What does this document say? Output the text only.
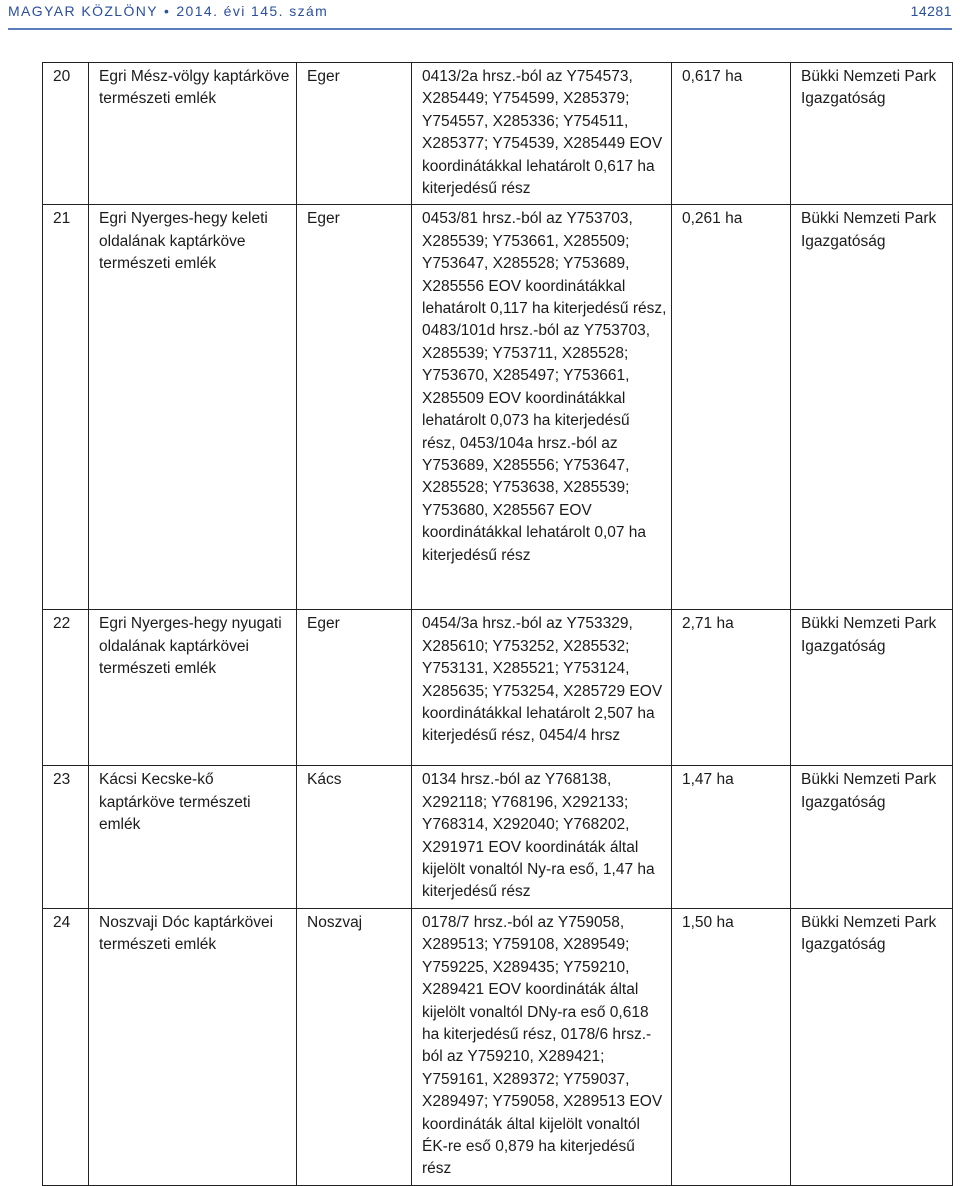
MAGYAR KÖZLÖNY • 2014. évi 145. szám	14281
20	Egri Mész-völgy kaptárköve természeti emlék	Eger	0413/2a hrsz.-ból az Y754573, X285449; Y754599, X285379; Y754557, X285336; Y754511, X285377; Y754539, X285449 EOV koordinátákkal lehatárolt 0,617 ha kiterjedésű rész	0,617 ha	Bükki Nemzeti Park Igazgatóság
21	Egri Nyerges-hegy keleti oldalának kaptárköve természeti emlék	Eger	0453/81 hrsz.-ból az Y753703, X285539; Y753661, X285509; Y753647, X285528; Y753689, X285556 EOV koordinátákkal lehatárolt 0,117 ha kiterjedésű rész, 0483/101d hrsz.-ból az Y753703, X285539; Y753711, X285528; Y753670, X285497; Y753661, X285509 EOV koordinátákkal lehatárolt 0,073 ha kiterjedésű rész, 0453/104a hrsz.-ból az Y753689, X285556; Y753647, X285528; Y753638, X285539; Y753680, X285567 EOV koordinátákkal lehatárolt 0,07 ha kiterjedésű rész	0,261 ha	Bükki Nemzeti Park Igazgatóság
22	Egri Nyerges-hegy nyugati oldalának kaptárkövei természeti emlék	Eger	0454/3a hrsz.-ból az Y753329, X285610; Y753252, X285532; Y753131, X285521; Y753124, X285635; Y753254, X285729 EOV koordinátákkal lehatárolt 2,507 ha kiterjedésű rész, 0454/4 hrsz	2,71 ha	Bükki Nemzeti Park Igazgatóság
23	Kácsi Kecske-kő kaptárköve természeti emlék	Kács	0134 hrsz.-ból az Y768138, X292118; Y768196, X292133; Y768314, X292040; Y768202, X291971 EOV koordináták által kijelölt vonaltól Ny-ra eső, 1,47 ha kiterjedésű rész	1,47 ha	Bükki Nemzeti Park Igazgatóság
24	Noszvaji Dóc kaptárkövei természeti emlék	Noszvaj	0178/7 hrsz.-ból az Y759058, X289513; Y759108, X289549; Y759225, X289435; Y759210, X289421 EOV koordináták által kijelölt vonaltól DNy-ra eső 0,618 ha kiterjedésű rész, 0178/6 hrsz.-ból az Y759210, X289421; Y759161, X289372; Y759037, X289497; Y759058, X289513 EOV koordináták által kijelölt vonaltól ÉK-re eső 0,879 ha kiterjedésű rész	1,50 ha	Bükki Nemzeti Park Igazgatóság
